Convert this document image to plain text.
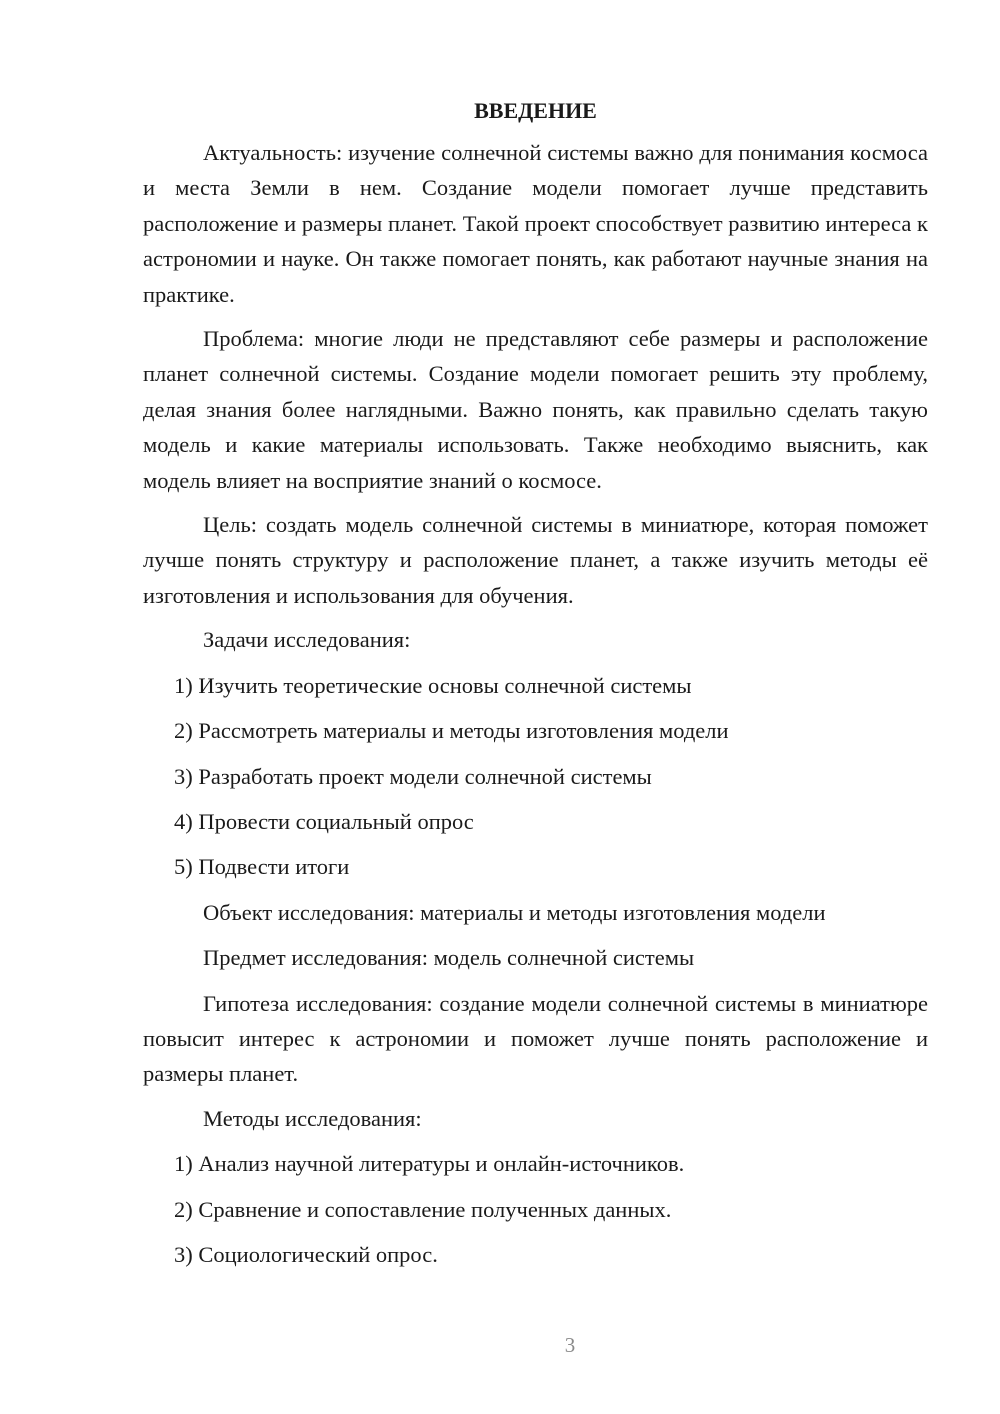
ВВЕДЕНИЕ

Актуальность: изучение солнечной системы важно для понимания космоса и места Земли в нем. Создание модели помогает лучше представить расположение и размеры планет. Такой проект способствует развитию интереса к астрономии и науке. Он также помогает понять, как работают научные знания на практике.

Проблема: многие люди не представляют себе размеры и расположение планет солнечной системы. Создание модели помогает решить эту проблему, делая знания более наглядными. Важно понять, как правильно сделать такую модель и какие материалы использовать. Также необходимо выяснить, как модель влияет на восприятие знаний о космосе.

Цель: создать модель солнечной системы в миниатюре, которая поможет лучше понять структуру и расположение планет, а также изучить методы её изготовления и использования для обучения.

Задачи исследования:

1) Изучить теоретические основы солнечной системы
2) Рассмотреть материалы и методы изготовления модели
3) Разработать проект модели солнечной системы
4) Провести социальный опрос
5) Подвести итоги

Объект исследования: материалы и методы изготовления модели

Предмет исследования: модель солнечной системы

Гипотеза исследования: создание модели солнечной системы в миниатюре повысит интерес к астрономии и поможет лучше понять расположение и размеры планет.

Методы исследования:

1) Анализ научной литературы и онлайн-источников.
2) Сравнение и сопоставление полученных данных.
3) Социологический опрос.
3
